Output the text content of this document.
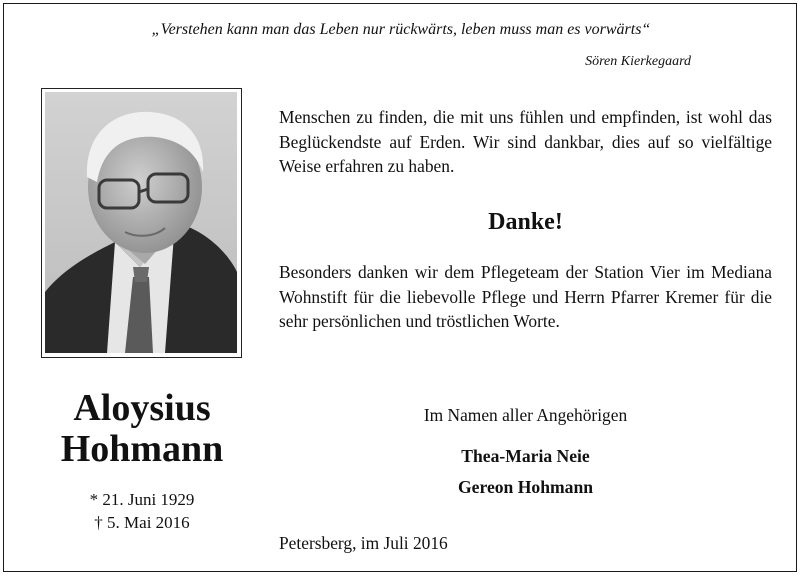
„Verstehen kann man das Leben nur rückwärts, leben muss man es vorwärts“
Sören Kierkegaard
Aloysius
Hohmann
* 21. Juni 1929
† 5. Mai 2016
Menschen zu finden, die mit uns fühlen und empfinden, ist wohl das Beglückendste auf Erden. Wir sind dankbar, dies auf so vielfältige Weise erfahren zu haben.
Danke!
Besonders danken wir dem Pflegeteam der Station Vier im Mediana Wohnstift für die liebevolle Pflege und Herrn Pfarrer Kremer für die sehr persönlichen und tröstlichen Worte.
Im Namen aller Angehörigen
Thea-Maria Neie
Gereon Hohmann
Petersberg, im Juli 2016
